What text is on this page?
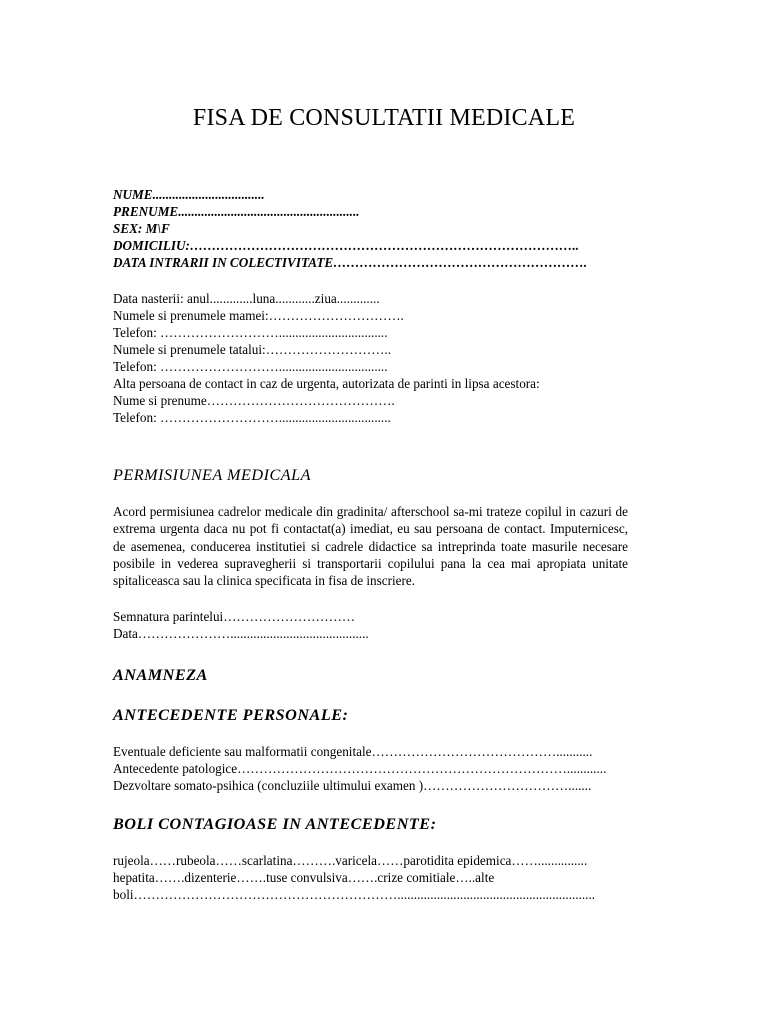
FISA DE CONSULTATII MEDICALE
NUME..................................
PRENUME.......................................................
SEX: M\F
DOMICILIU:……………………………………………………………………………..
DATA INTRARII IN COLECTIVITATE………………………………………………….
Data nasterii: anul.............luna............ziua.............
Numele si prenumele mamei:………………………….
Telefon: ……………………….................................
Numele si prenumele tatalui:………………………..
Telefon: ……………………….................................
Alta persoana de contact in caz de urgenta, autorizata de parinti in lipsa acestora:
Nume si prenume…………………………………….
Telefon: ………………………..................................
PERMISIUNEA MEDICALA
Acord permisiunea cadrelor medicale din gradinita/ afterschool sa-mi trateze copilul in cazuri de extrema urgenta daca nu pot fi contactat(a) imediat, eu sau persoana de contact. Imputernicesc, de asemenea, conducerea institutiei si cadrele didactice sa intreprinda toate masurile necesare posibile in vederea supravegherii si transportarii copilului pana la cea mai apropiata unitate spitaliceasca sau la clinica specificata in fisa de inscriere.
Semnatura parintelui…………………………
Data…………………..........................................
ANAMNEZA
ANTECEDENTE PERSONALE:
Eventuale deficiente sau malformatii congenitale……………………………………...........
Antecedente patologice…………………………………………………………………............
Dezvoltare somato-psihica (concluziile ultimului examen )…………………………….......
BOLI CONTAGIOASE IN ANTECEDENTE:
rujeola……rubeola……scarlatina……….varicela……parotidita epidemica……...............
hepatita…….dizenterie…….tuse convulsiva…….crize comitiale…..alte
boli……………………………………………………............................................................
